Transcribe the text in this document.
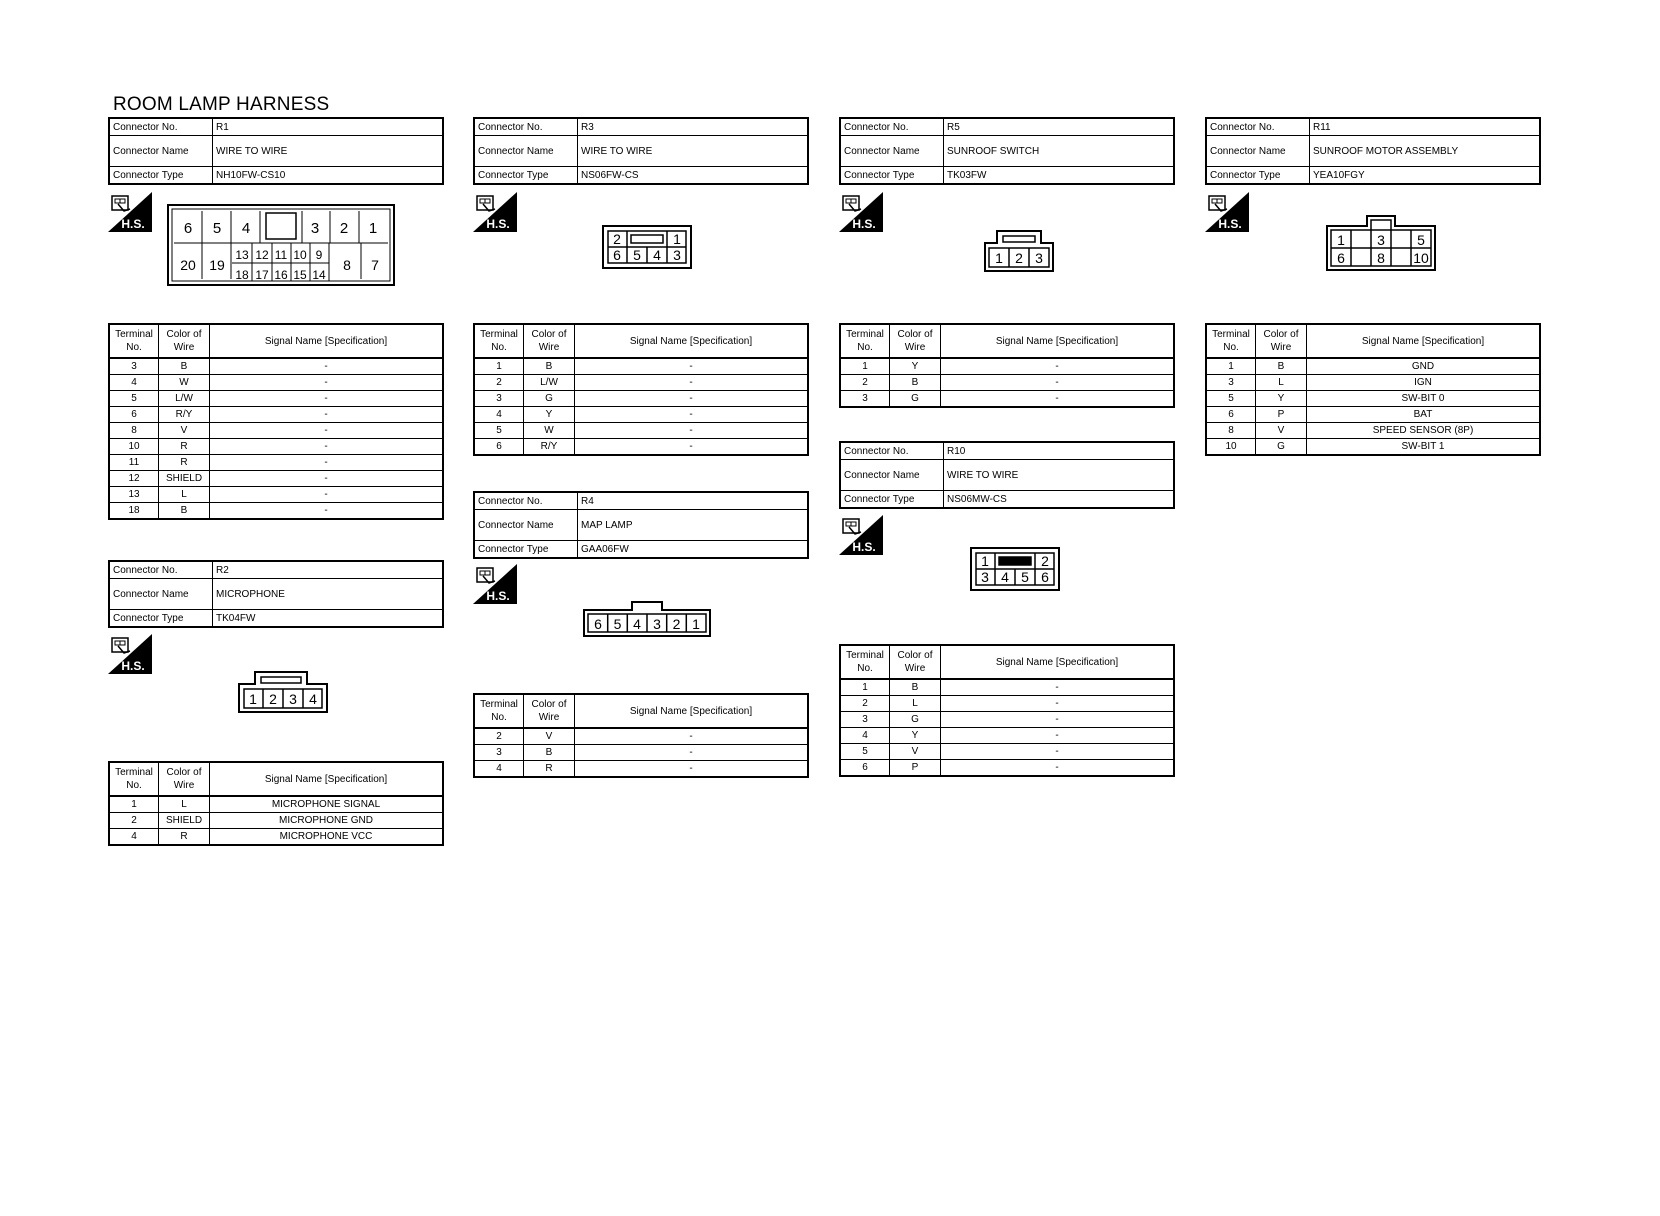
ROOM LAMP HARNESS
Connector No.	R1
Connector Name	WIRE TO WIRE
Connector Type	NH10FW-CS10
6 5 4	3 2 1
20 19
13 12 11 10 9
18 17 16 15 14
8 7
Terminal No.	Color of Wire	Signal Name [Specification]
3	B	-
4	W	-
5	L/W	-
6	R/Y	-
8	V	-
10	R	-
11	R	-
12	SHIELD	-
13	L	-
18	B	-
Connector No.	R2
Connector Name	MICROPHONE
Connector Type	TK04FW
1 2 3 4
Terminal No.	Color of Wire	Signal Name [Specification]
1	L	MICROPHONE SIGNAL
2	SHIELD	MICROPHONE GND
4	R	MICROPHONE VCC
Connector No.	R3
Connector Name	WIRE TO WIRE
Connector Type	NS06FW-CS
2	1
6 5 4 3
Terminal No.	Color of Wire	Signal Name [Specification]
1	B	-
2	L/W	-
3	G	-
4	Y	-
5	W	-
6	R/Y	-
Connector No.	R4
Connector Name	MAP LAMP
Connector Type	GAA06FW
6 5 4 3 2 1
Terminal No.	Color of Wire	Signal Name [Specification]
2	V	-
3	B	-
4	R	-
Connector No.	R5
Connector Name	SUNROOF SWITCH
Connector Type	TK03FW
1 2 3
Terminal No.	Color of Wire	Signal Name [Specification]
1	Y	-
2	B	-
3	G	-
Connector No.	R10
Connector Name	WIRE TO WIRE
Connector Type	NS06MW-CS
1	2
3 4 5 6
Terminal No.	Color of Wire	Signal Name [Specification]
1	B	-
2	L	-
3	G	-
4	Y	-
5	V	-
6	P	-
Connector No.	R11
Connector Name	SUNROOF MOTOR ASSEMBLY
Connector Type	YEA10FGY
1 3 5
6 8 10
Terminal No.	Color of Wire	Signal Name [Specification]
1	B	GND
3	L	IGN
5	Y	SW-BIT 0
6	P	BAT
8	V	SPEED SENSOR (8P)
10	G	SW-BIT 1
